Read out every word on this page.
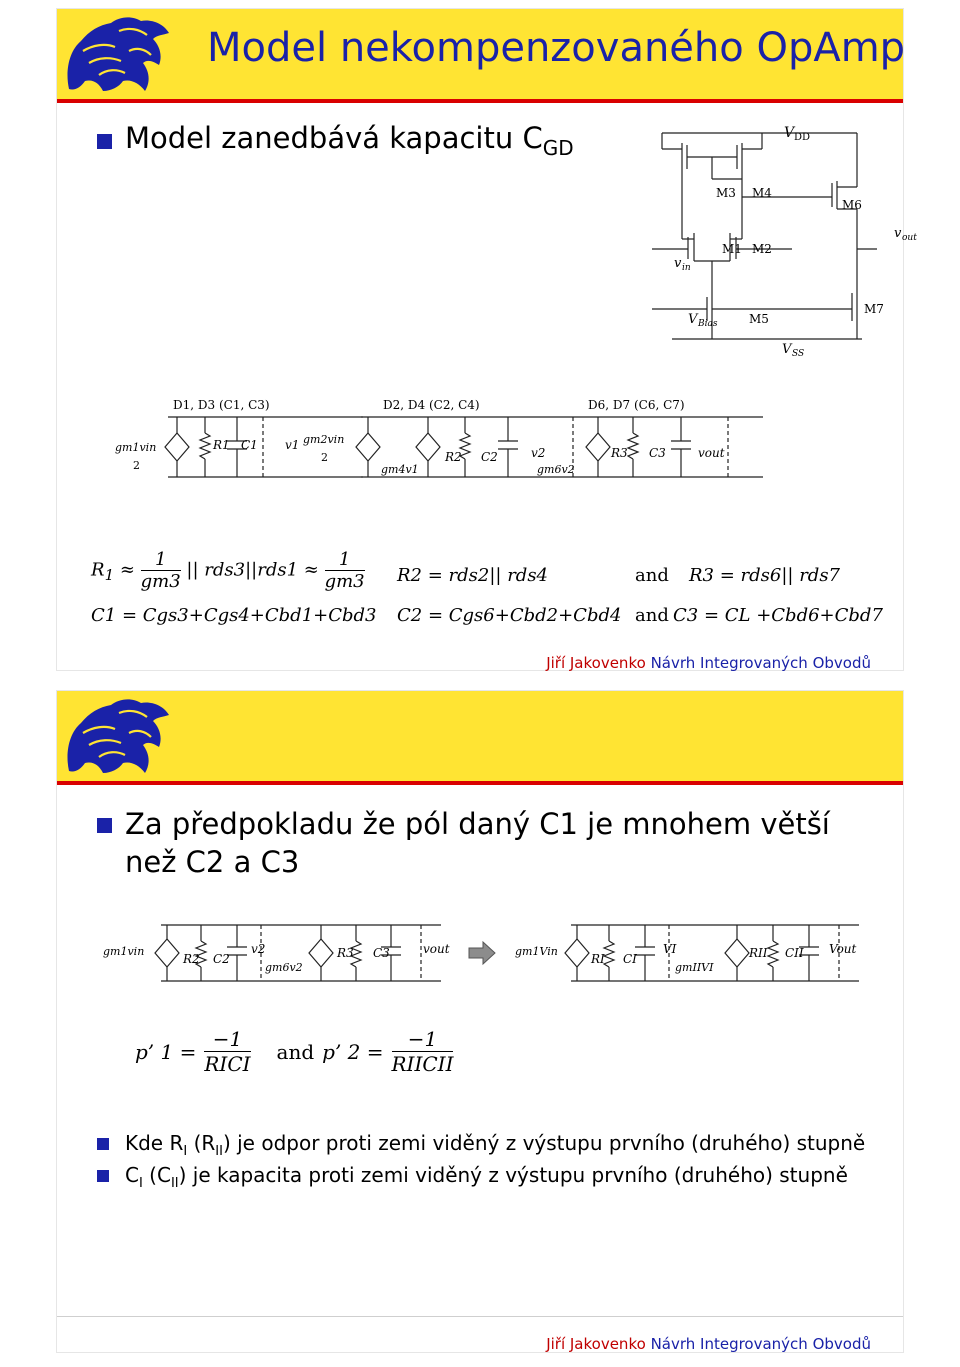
Model nekompenzovaného OpAmp
Model zanedbává kapacitu $C_{GD}$
V DD
M3 M4
M6
M1 M2
M5
M7
v out
v in
V Bias
V SS
D1, D3 (C1, C3)	D2, D4 (C2, C4)	D6, D7 (C6, C7)
gm1vin
2
R1 C1 v1 gm2vin
2
gm4v1
R2 C2	v2
gm6v2
R3 C3	vout
$R_1 \approx \frac{1}{gm3}$ || $rds3||rds1 \approx \frac{1}{gm3}$
C1 = Cgs3+Cgs4+Cbd1+Cbd3
R2 = rds2|| rds4
C2 = Cgs6+Cbd2+Cbd4
and R3 = rds6|| rds7
and C3 = CL +Cbd6+Cbd7
Jiří Jakovenko Návrh Integrovaných Obvodů
Za předpokladu že pól daný C1 je mnohem větší
než C2 a C3
gm1vin
R2 C2
v2
gm6v2
R3 C3	vout	gm1Vin
RI CI
VI
gmIIVI
RII CII Vout
p’ 1 =
−1
RICI
and p’ 2 =
−1
RIICII
Kde $R_I$ $(R_{II})$ je odpor proti zemi viděný z výstupu prvního (druhého) stupně
$C_I$ $(C_{II})$ je kapacita proti zemi viděný z výstupu prvního (druhého) stupně
Jiří Jakovenko Návrh Integrovaných Obvodů
